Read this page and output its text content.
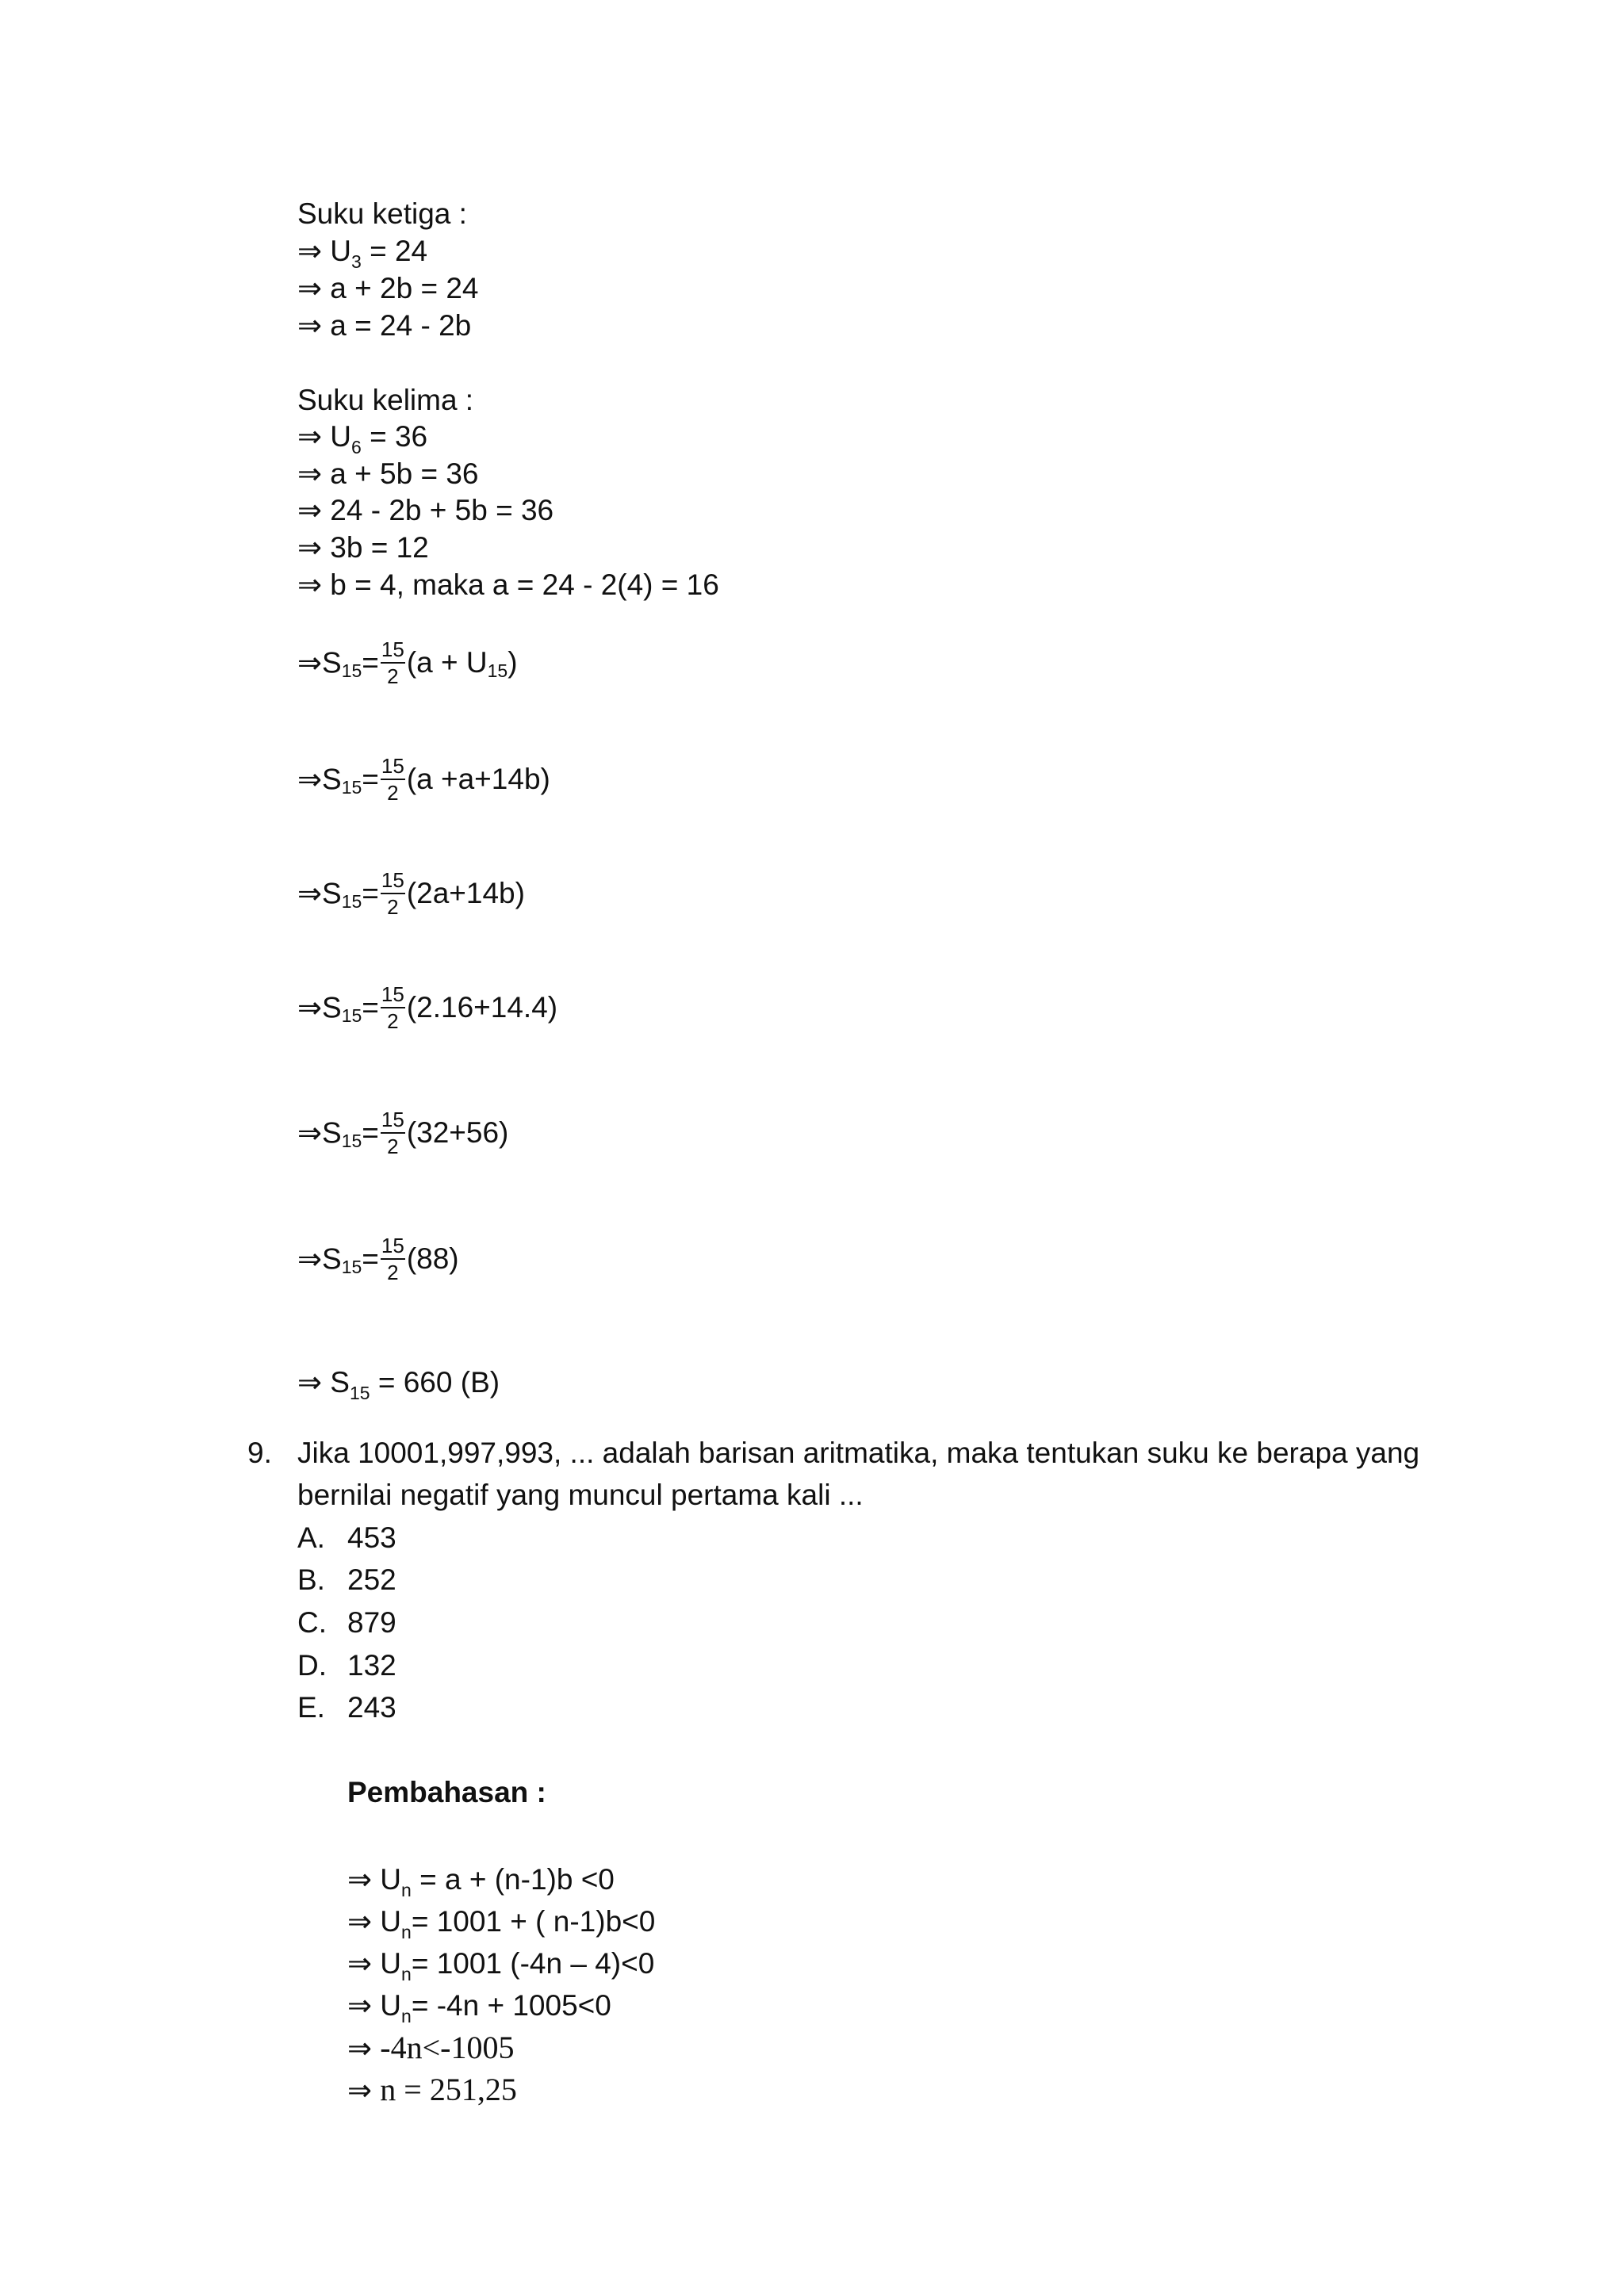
Suku ketiga :
⇒ $U_3 = 24$
⇒ a + 2b = 24
⇒ a = 24 - 2b
Suku kelima :
⇒ $U_6 = 36$
⇒ a + 5b = 36
⇒ 24 - 2b + 5b = 36
⇒ 3b = 12
⇒ b = 4, maka a = 24 - 2(4) = 16
$\Rightarrow S_{15}= \frac{15}{2} (a + U_{15})$
$\Rightarrow S_{15}= \frac{15}{2} (a +a+14b)$
$\Rightarrow S_{15}= \frac{15}{2} (2a+14b)$
$\Rightarrow S_{15}= \frac{15}{2} (2.16+14.4)$
$\Rightarrow S_{15}= \frac{15}{2} (32+56)$
$\Rightarrow S_{15}= \frac{15}{2} (88)$
⇒ $S_{15} = 660$ (B)
9. Jika 10001,997,993, ... adalah barisan aritmatika, maka tentukan suku ke berapa yang
bernilai negatif yang muncul pertama kali ...
A. 453
B. 252
C. 879
D. 132
E. 243
Pembahasan :
⇒ $U_n = a + (n-1)b <0$
⇒ $U_n= 1001$ + ( n-1)b<0
⇒ $U_n= 1001$ (-4n – 4)<0
⇒ $U_n= -4n + 1005<0$
⇒ -4n<-1005
⇒ n = 251,25
